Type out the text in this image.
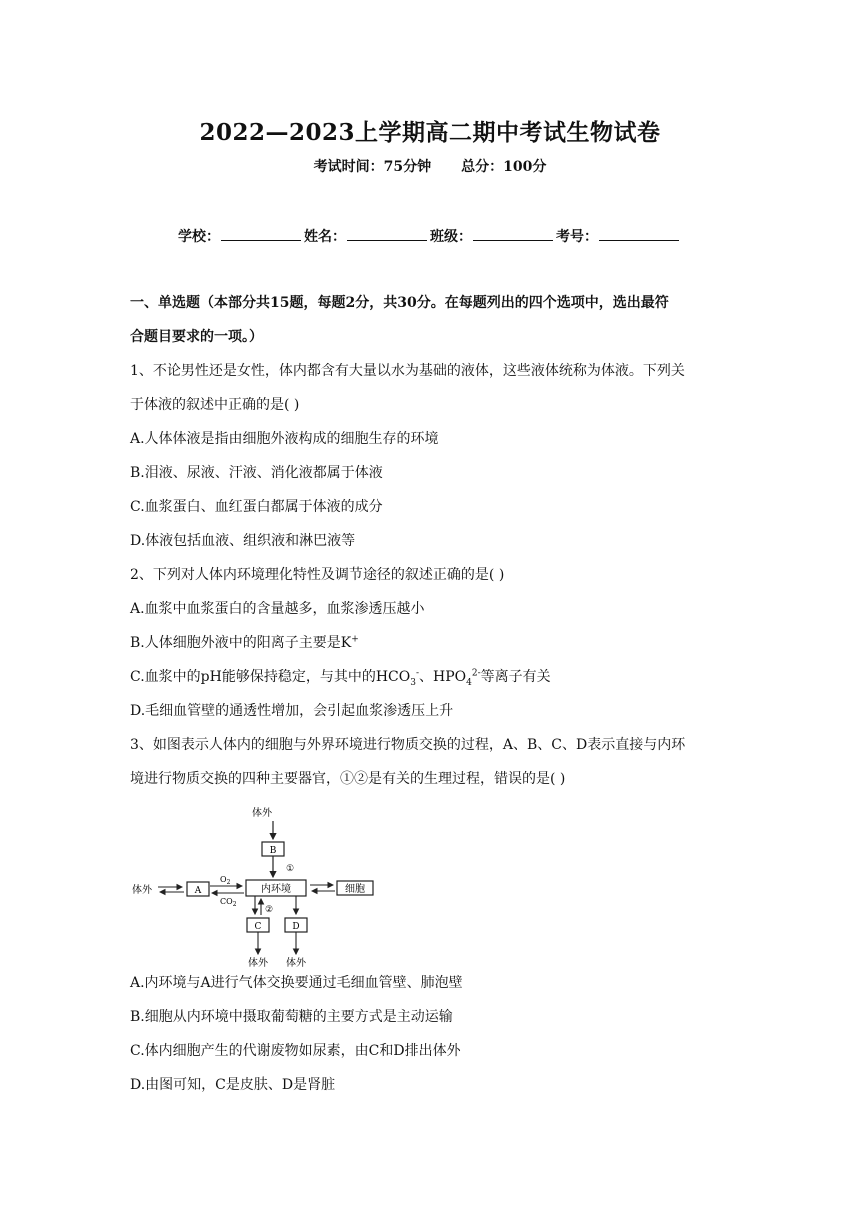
2022—2023上学期高二期中考试生物试卷
考试时间：75分钟 总分：100分
学校：	姓名：	班级：	考号：
一、单选题（本部分共15题，每题2分，共30分。在每题列出的四个选项中，选出最符
合题目要求的一项。）
1、不论男性还是女性，体内都含有大量以水为基础的液体，这些液体统称为体液。下列关
于体液的叙述中正确的是( )
A.人体体液是指由细胞外液构成的细胞生存的环境
B.泪液、尿液、汗液、消化液都属于体液
C.血浆蛋白、血红蛋白都属于体液的成分
D.体液包括血液、组织液和淋巴液等
2、下列对人体内环境理化特性及调节途径的叙述正确的是( )
A.血浆中血浆蛋白的含量越多，血浆渗透压越小
B.人体细胞外液中的阳离子主要是K+
C.血浆中的pH能够保持稳定，与其中的$HCO_3^-$、$HPO_4^{2-}$等离子有关
D.毛细血管壁的通透性增加，会引起血浆渗透压上升
3、如图表示人体内的细胞与外界环境进行物质交换的过程，A、B、C、D表示直接与内环
境进行物质交换的四种主要器官，①②是有关的生理过程，错误的是( )
体外
B
①
体外	A
$O_2$
$CO_2$
内环境	细胞
②
C	D
体外 体外
A.内环境与A进行气体交换要通过毛细血管壁、肺泡壁
B.细胞从内环境中摄取葡萄糖的主要方式是主动运输
C.体内细胞产生的代谢废物如尿素，由C和D排出体外
D.由图可知，C是皮肤、D是肾脏
